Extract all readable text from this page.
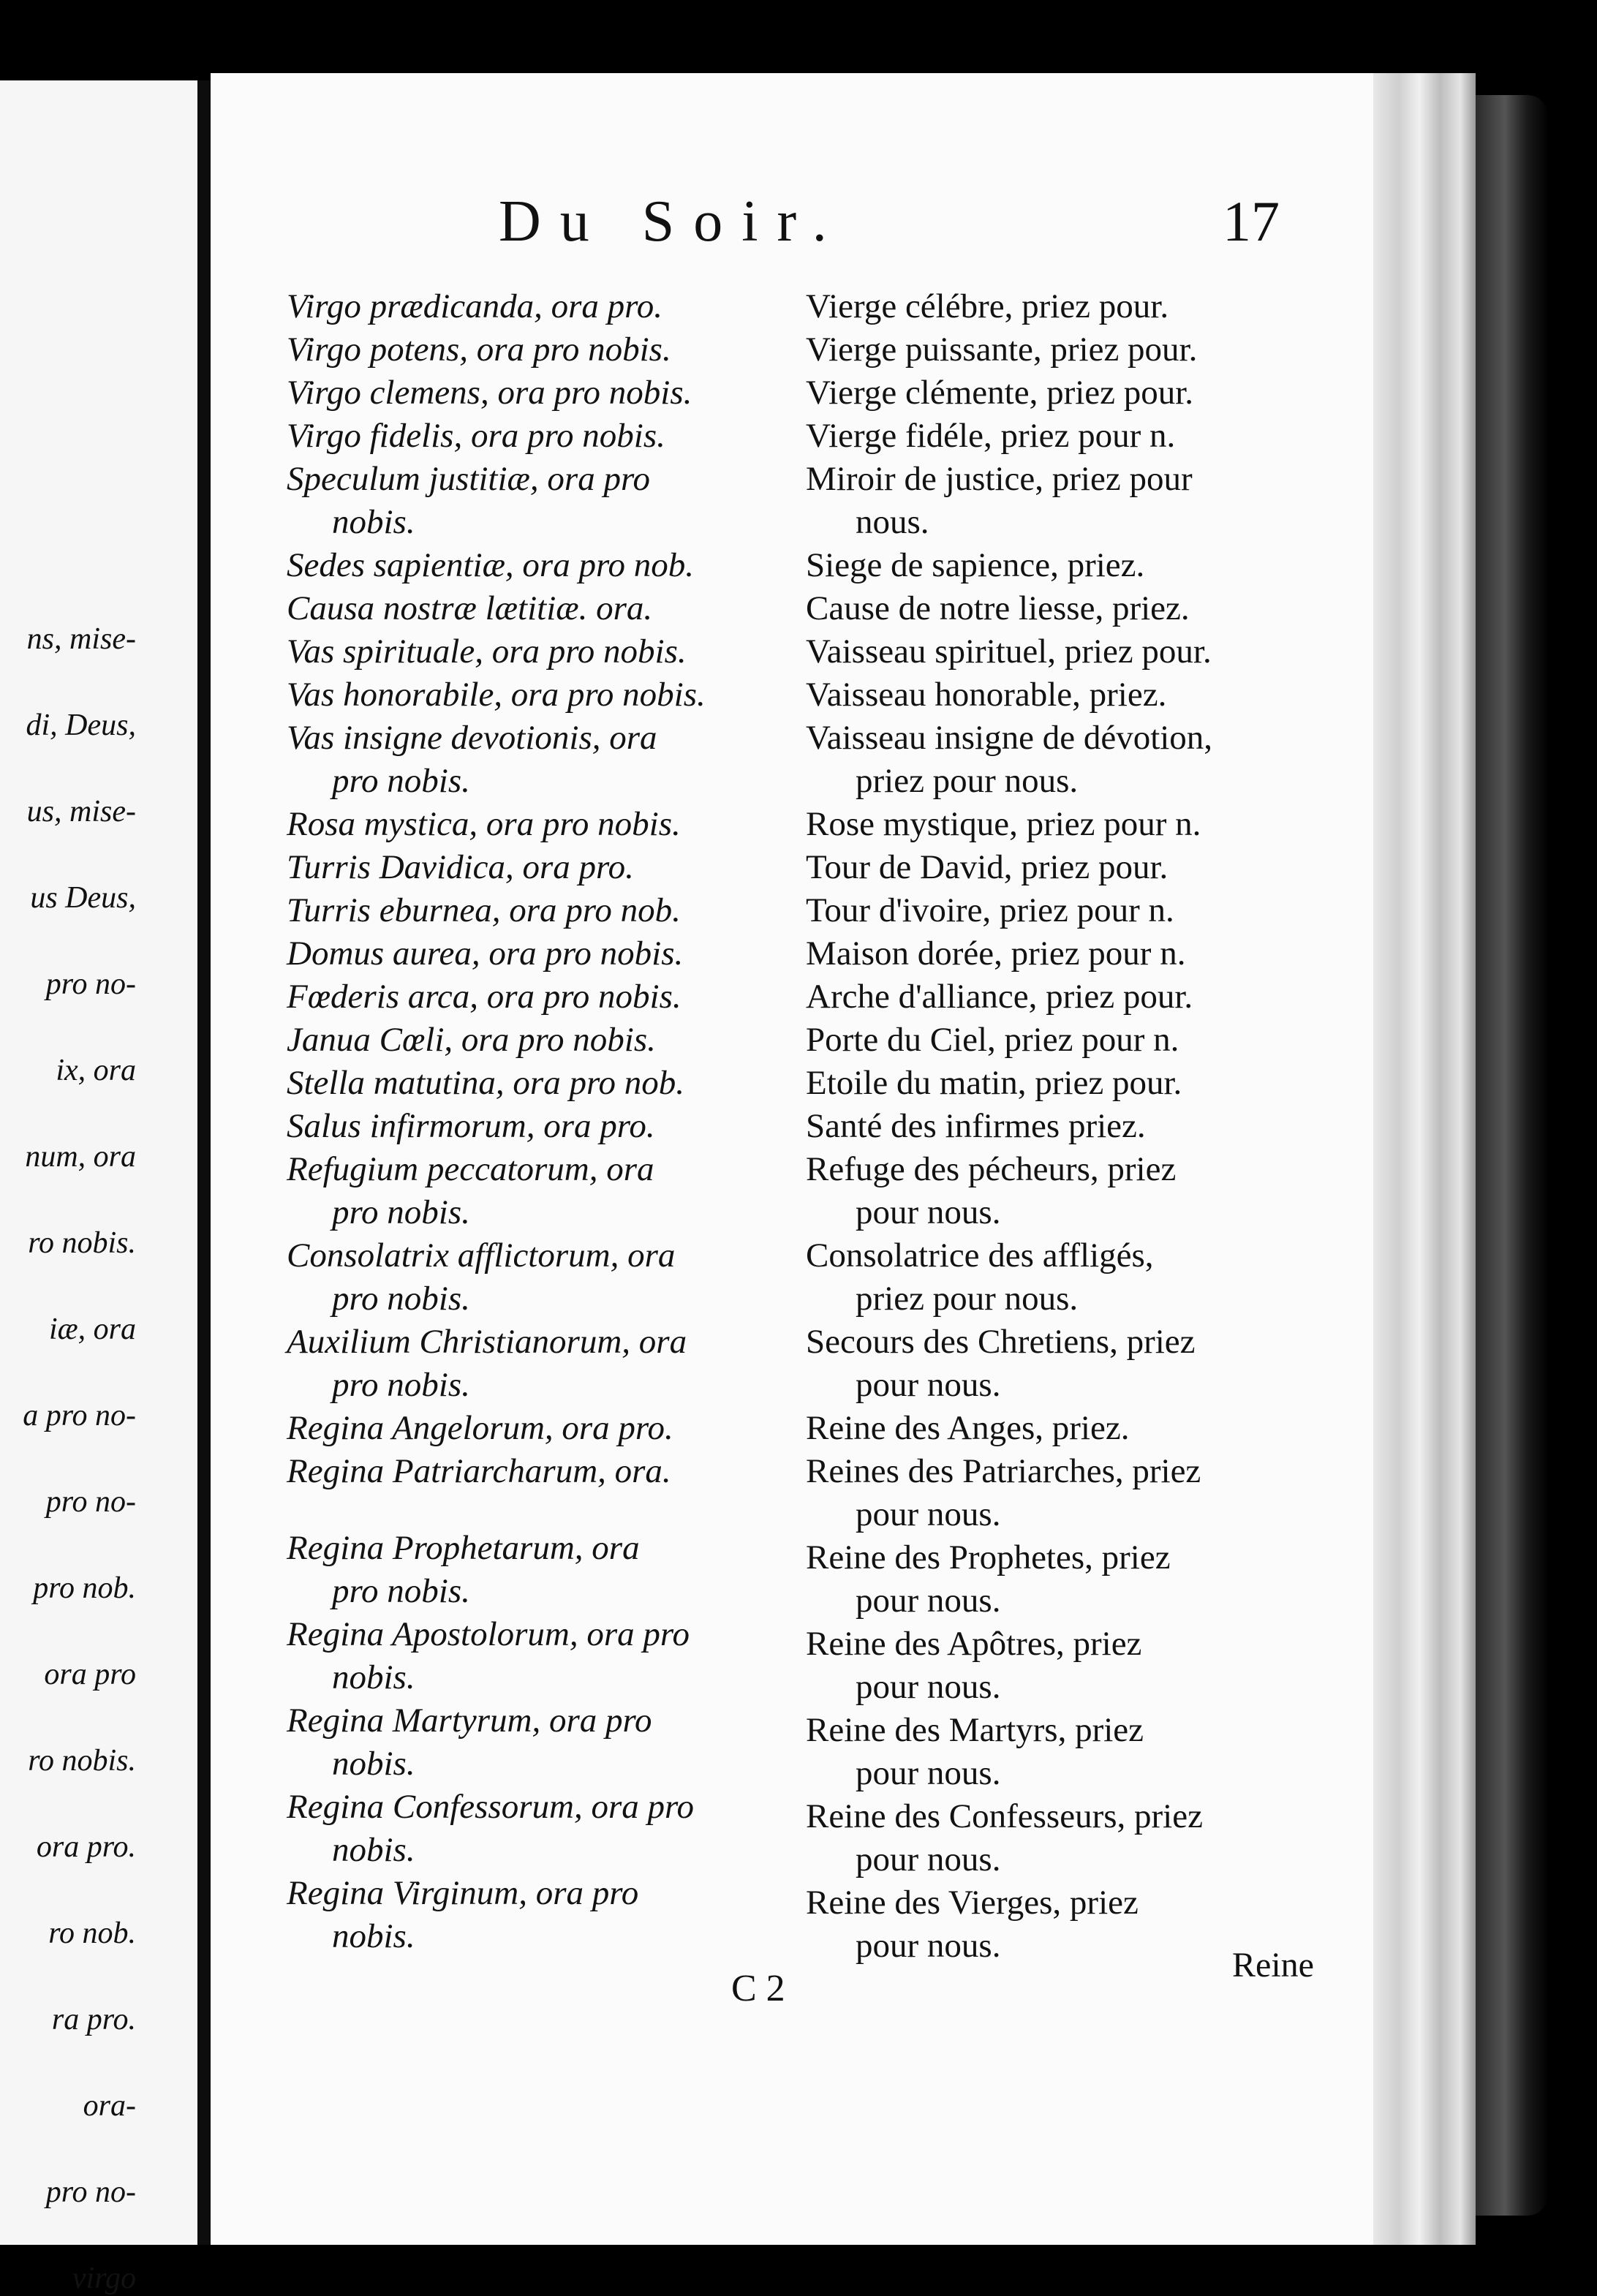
ns, mise-
di, Deus,
us, mise-
us Deus,
pro no-
ix, ora
num, ora
ro nobis.
iæ, ora
a pro no-
pro no-
pro nob.
ora pro
ro nobis.
ora pro.
ro nob.
ra pro.
ora-
pro no-
virgo
Du Soir.	17
Virgo prædicanda, ora pro.
Virgo potens, ora pro nobis.
Virgo clemens, ora pro nobis.
Virgo fidelis, ora pro nobis.
Speculum justitiæ, ora pro
nobis.
Sedes sapientiæ, ora pro nob.
Causa nostræ lætitiæ. ora.
Vas spirituale, ora pro nobis.
Vas honorabile, ora pro nobis.
Vas insigne devotionis, ora
pro nobis.
Rosa mystica, ora pro nobis.
Turris Davidica, ora pro.
Turris eburnea, ora pro nob.
Domus aurea, ora pro nobis.
Fœderis arca, ora pro nobis.
Janua Cœli, ora pro nobis.
Stella matutina, ora pro nob.
Salus infirmorum, ora pro.
Refugium peccatorum, ora
pro nobis.
Consolatrix afflictorum, ora
pro nobis.
Auxilium Christianorum, ora
pro nobis.
Regina Angelorum, ora pro.
Regina Patriarcharum, ora.
Regina Prophetarum, ora
pro nobis.
Regina Apostolorum, ora pro
nobis.
Regina Martyrum, ora pro
nobis.
Regina Confessorum, ora pro
nobis.
Regina Virginum, ora pro
nobis.
Vierge célébre, priez pour.
Vierge puissante, priez pour.
Vierge clémente, priez pour.
Vierge fidéle, priez pour n.
Miroir de justice, priez pour
nous.
Siege de sapience, priez.
Cause de notre liesse, priez.
Vaisseau spirituel, priez pour.
Vaisseau honorable, priez.
Vaisseau insigne de dévotion,
priez pour nous.
Rose mystique, priez pour n.
Tour de David, priez pour.
Tour d'ivoire, priez pour n.
Maison dorée, priez pour n.
Arche d'alliance, priez pour.
Porte du Ciel, priez pour n.
Etoile du matin, priez pour.
Santé des infirmes priez.
Refuge des pécheurs, priez
pour nous.
Consolatrice des affligés,
priez pour nous.
Secours des Chretiens, priez
pour nous.
Reine des Anges, priez.
Reines des Patriarches, priez
pour nous.
Reine des Prophetes, priez
pour nous.
Reine des Apôtres, priez
pour nous.
Reine des Martyrs, priez
pour nous.
Reine des Confesseurs, priez
pour nous.
Reine des Vierges, priez
pour nous.
C 2
Reine
